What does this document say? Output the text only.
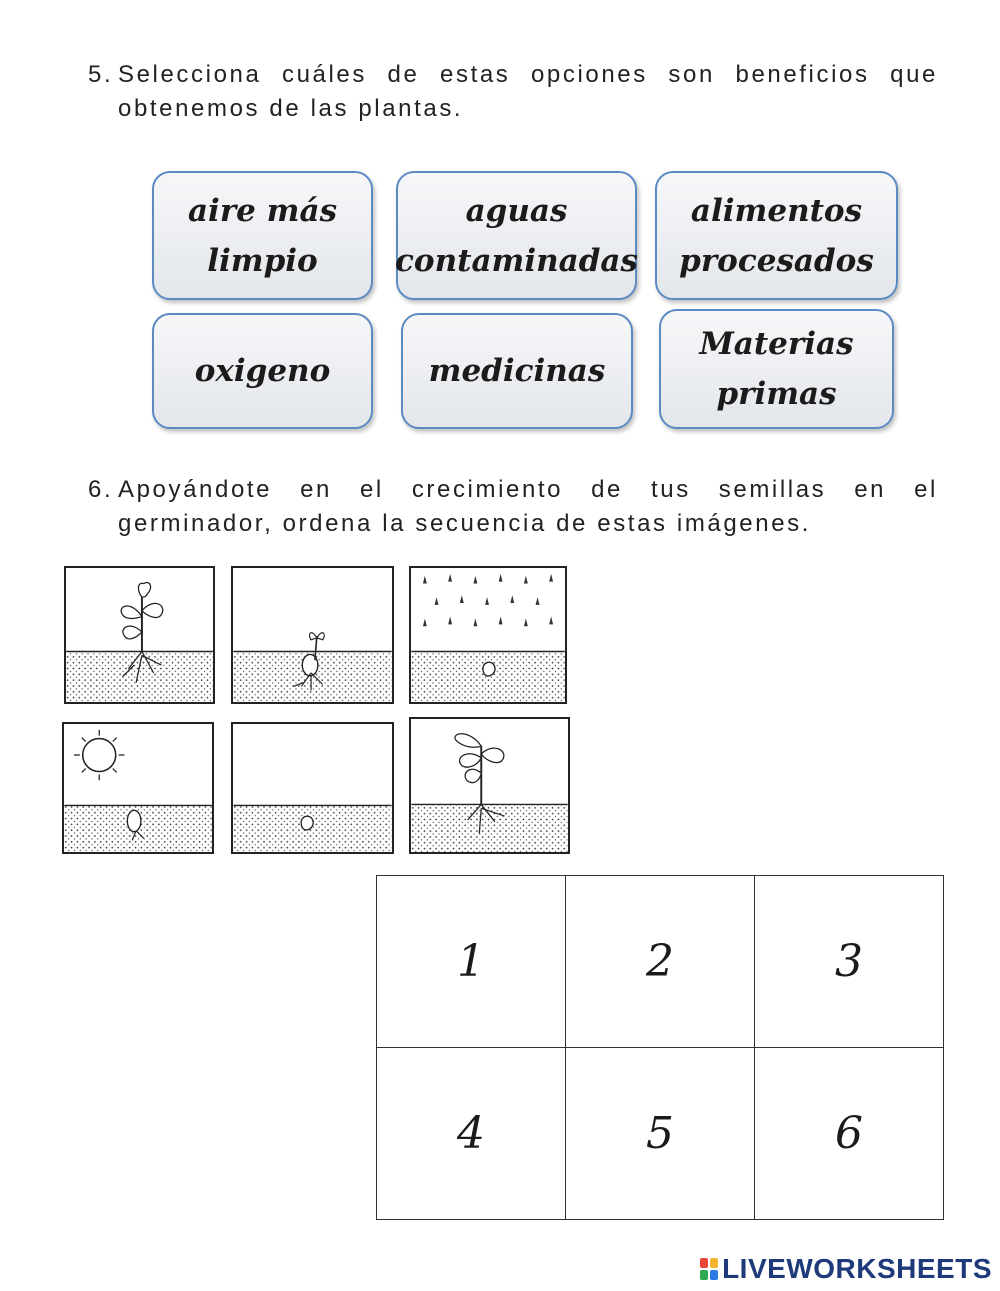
5. Selecciona cuáles de estas opciones son beneficios que obtenemos de las plantas.
aire más
limpio
aguas
contaminadas
alimentos
procesados
oxigeno	medicinas
Materias
primas
6. Apoyándote en el crecimiento de tus semillas en el germinador, ordena la secuencia de estas imágenes.
1	2	3
4	5	6
LIVEWORKSHEETS
